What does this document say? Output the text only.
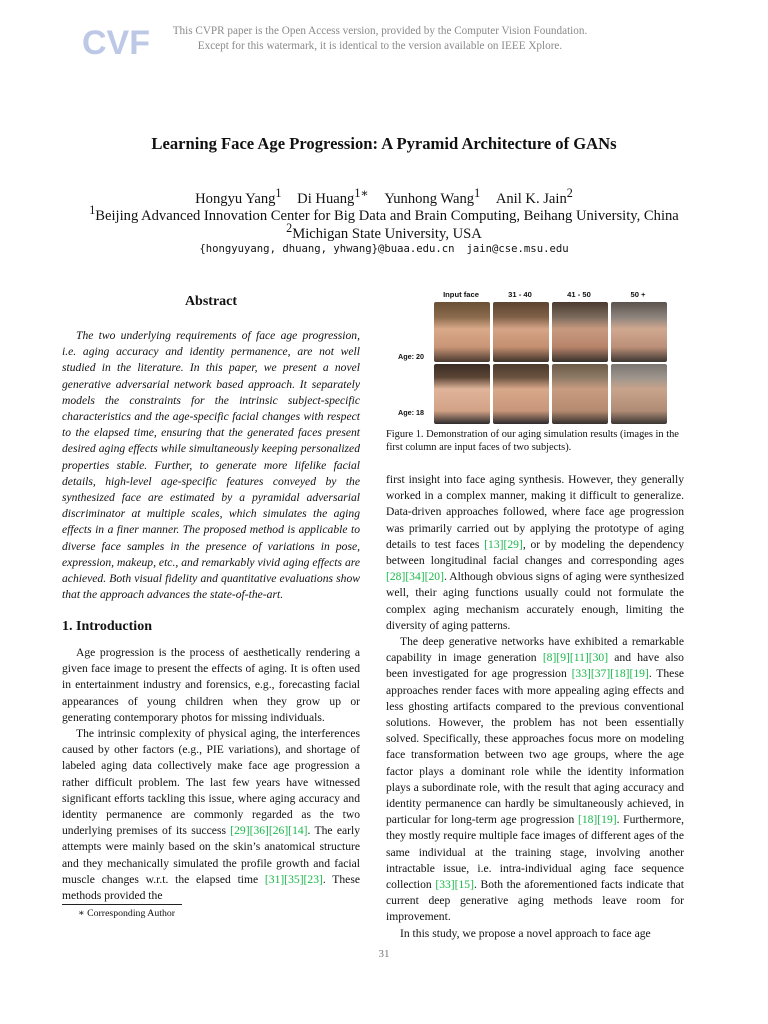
CVF	This CVPR paper is the Open Access version, provided by the Computer Vision Foundation.
Except for this watermark, it is identical to the version available on IEEE Xplore.
Learning Face Age Progression: A Pyramid Architecture of GANs
Hongyu Yang$^1$ Di Huang$^{1∗}$ Yunhong Wang$^1$ Anil K. Jain$^2$
$^1$Beijing Advanced Innovation Center for Big Data and Brain Computing, Beihang University, China
$^2$Michigan State University, USA
{hongyuyang, dhuang, yhwang}@buaa.edu.cn jain@cse.msu.edu
Abstract
The two underlying requirements of face age progression, i.e. aging accuracy and identity permanence, are not well studied in the literature. In this paper, we present a novel generative adversarial network based approach. It separately models the constraints for the intrinsic subject-specific characteristics and the age-specific facial changes with respect to the elapsed time, ensuring that the generated faces present desired aging effects while simultaneously keeping personalized properties stable. Further, to generate more lifelike facial details, high-level age-specific features conveyed by the synthesized face are estimated by a pyramidal adversarial discriminator at multiple scales, which simulates the aging effects in a finer manner. The proposed method is applicable to diverse face samples in the presence of variations in pose, expression, makeup, etc., and remarkably vivid aging effects are achieved. Both visual fidelity and quantitative evaluations show that the approach advances the state-of-the-art.
1. Introduction

Age progression is the process of aesthetically rendering a given face image to present the effects of aging. It is often used in entertainment industry and forensics, e.g., forecasting facial appearances of young children when they grow up or generating contemporary photos for missing individuals.

The intrinsic complexity of physical aging, the interferences caused by other factors (e.g., PIE variations), and shortage of labeled aging data collectively make face age progression a rather difficult problem. The last few years have witnessed significant efforts tackling this issue, where aging accuracy and identity permanence are commonly regarded as the two underlying premises of its success [29][36][26][14]. The early attempts were mainly based on the skin’s anatomical structure and they mechanically simulated the profile growth and facial muscle changes w.r.t. the elapsed time [31][35][23]. These methods provided the

∗ Corresponding Author
Input face	31 - 40	41 - 50	50 +
Age: 20
Age: 18
Figure 1. Demonstration of our aging simulation results (images in the first column are input faces of two subjects).

first insight into face aging synthesis. However, they generally worked in a complex manner, making it difficult to generalize. Data-driven approaches followed, where face age progression was primarily carried out by applying the prototype of aging details to test faces [13][29], or by modeling the dependency between longitudinal facial changes and corresponding ages [28][34][20]. Although obvious signs of aging were synthesized well, their aging functions usually could not formulate the complex aging mechanism accurately enough, limiting the diversity of aging patterns.

The deep generative networks have exhibited a remarkable capability in image generation [8][9][11][30] and have also been investigated for age progression [33][37][18][19]. These approaches render faces with more appealing aging effects and less ghosting artifacts compared to the previous conventional solutions. However, the problem has not been essentially solved. Specifically, these approaches focus more on modeling face transformation between two age groups, where the age factor plays a dominant role while the identity information plays a subordinate role, with the result that aging accuracy and identity permanence can hardly be simultaneously achieved, in particular for long-term age progression [18][19]. Furthermore, they mostly require multiple face images of different ages of the same individual at the training stage, involving another intractable issue, i.e. intra-individual aging face sequence collection [33][15]. Both the aforementioned facts indicate that current deep generative aging methods leave room for improvement.

In this study, we propose a novel approach to face age

31
